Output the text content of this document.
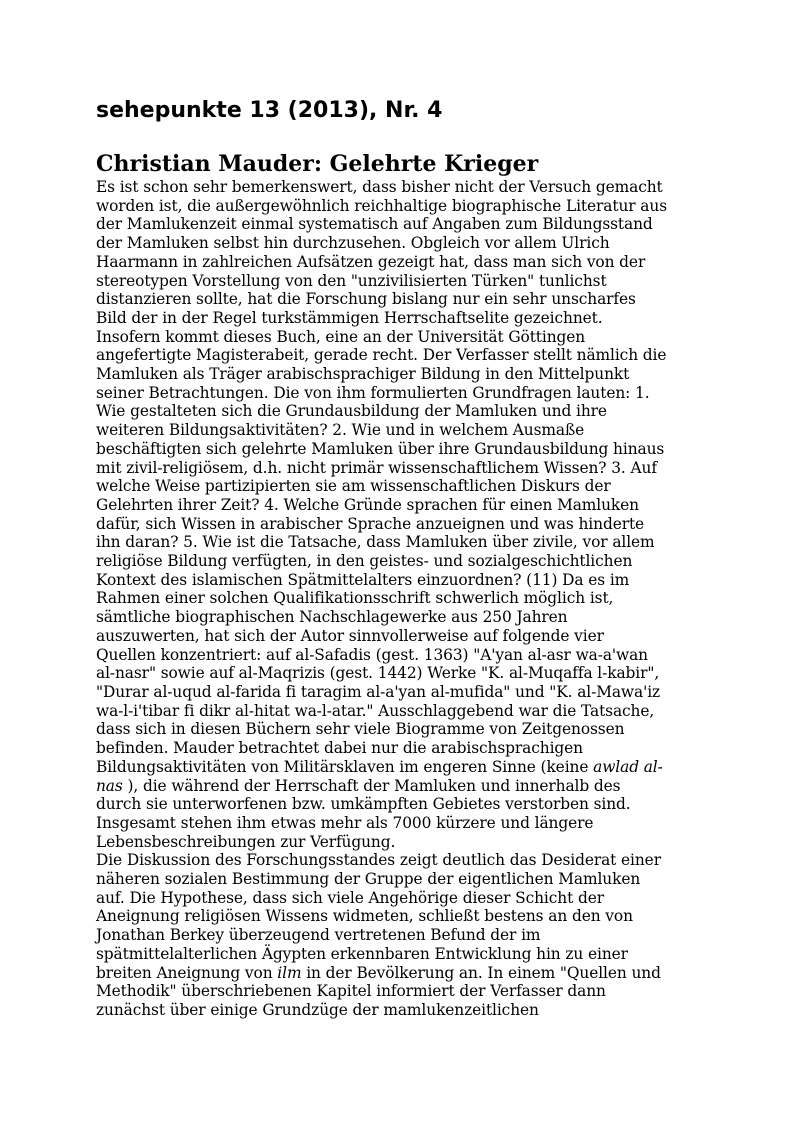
sehepunkte 13 (2013), Nr. 4
Christian Mauder: Gelehrte Krieger

Es ist schon sehr bemerkenswert, dass bisher nicht der Versuch gemacht
worden ist, die außergewöhnlich reichhaltige biographische Literatur aus
der Mamlukenzeit einmal systematisch auf Angaben zum Bildungsstand
der Mamluken selbst hin durchzusehen. Obgleich vor allem Ulrich
Haarmann in zahlreichen Aufsätzen gezeigt hat, dass man sich von der
stereotypen Vorstellung von den "unzivilisierten Türken" tunlichst
distanzieren sollte, hat die Forschung bislang nur ein sehr unscharfes
Bild der in der Regel turkstämmigen Herrschaftselite gezeichnet.
Insofern kommt dieses Buch, eine an der Universität Göttingen
angefertigte Magisterabeit, gerade recht. Der Verfasser stellt nämlich die
Mamluken als Träger arabischsprachiger Bildung in den Mittelpunkt
seiner Betrachtungen. Die von ihm formulierten Grundfragen lauten: 1.
Wie gestalteten sich die Grundausbildung der Mamluken und ihre
weiteren Bildungsaktivitäten? 2. Wie und in welchem Ausmaße
beschäftigten sich gelehrte Mamluken über ihre Grundausbildung hinaus
mit zivil-religiösem, d.h. nicht primär wissenschaftlichem Wissen? 3. Auf
welche Weise partizipierten sie am wissenschaftlichen Diskurs der
Gelehrten ihrer Zeit? 4. Welche Gründe sprachen für einen Mamluken
dafür, sich Wissen in arabischer Sprache anzueignen und was hinderte
ihn daran? 5. Wie ist die Tatsache, dass Mamluken über zivile, vor allem
religiöse Bildung verfügten, in den geistes- und sozialgeschichtlichen
Kontext des islamischen Spätmittelalters einzuordnen? (11) Da es im
Rahmen einer solchen Qualifikationsschrift schwerlich möglich ist,
sämtliche biographischen Nachschlagewerke aus 250 Jahren
auszuwerten, hat sich der Autor sinnvollerweise auf folgende vier
Quellen konzentriert: auf al-Safadis (gest. 1363) "A'yan al-asr wa-a'wan
al-nasr" sowie auf al-Maqrizis (gest. 1442) Werke "K. al-Muqaffa l-kabir",
"Durar al-uqud al-farida fi taragim al-a'yan al-mufida" und "K. al-Mawa'iz
wa-l-i'tibar fi dikr al-hitat wa-l-atar." Ausschlaggebend war die Tatsache,
dass sich in diesen Büchern sehr viele Biogramme von Zeitgenossen
befinden. Mauder betrachtet dabei nur die arabischsprachigen
Bildungsaktivitäten von Militärsklaven im engeren Sinne (keine awlad al-
nas ), die während der Herrschaft der Mamluken und innerhalb des
durch sie unterworfenen bzw. umkämpften Gebietes verstorben sind.
Insgesamt stehen ihm etwas mehr als 7000 kürzere und längere
Lebensbeschreibungen zur Verfügung.

Die Diskussion des Forschungsstandes zeigt deutlich das Desiderat einer
näheren sozialen Bestimmung der Gruppe der eigentlichen Mamluken
auf. Die Hypothese, dass sich viele Angehörige dieser Schicht der
Aneignung religiösen Wissens widmeten, schließt bestens an den von
Jonathan Berkey überzeugend vertretenen Befund der im
spätmittelalterlichen Ägypten erkennbaren Entwicklung hin zu einer
breiten Aneignung von ilm in der Bevölkerung an. In einem "Quellen und
Methodik" überschriebenen Kapitel informiert der Verfasser dann
zunächst über einige Grundzüge der mamlukenzeitlichen
